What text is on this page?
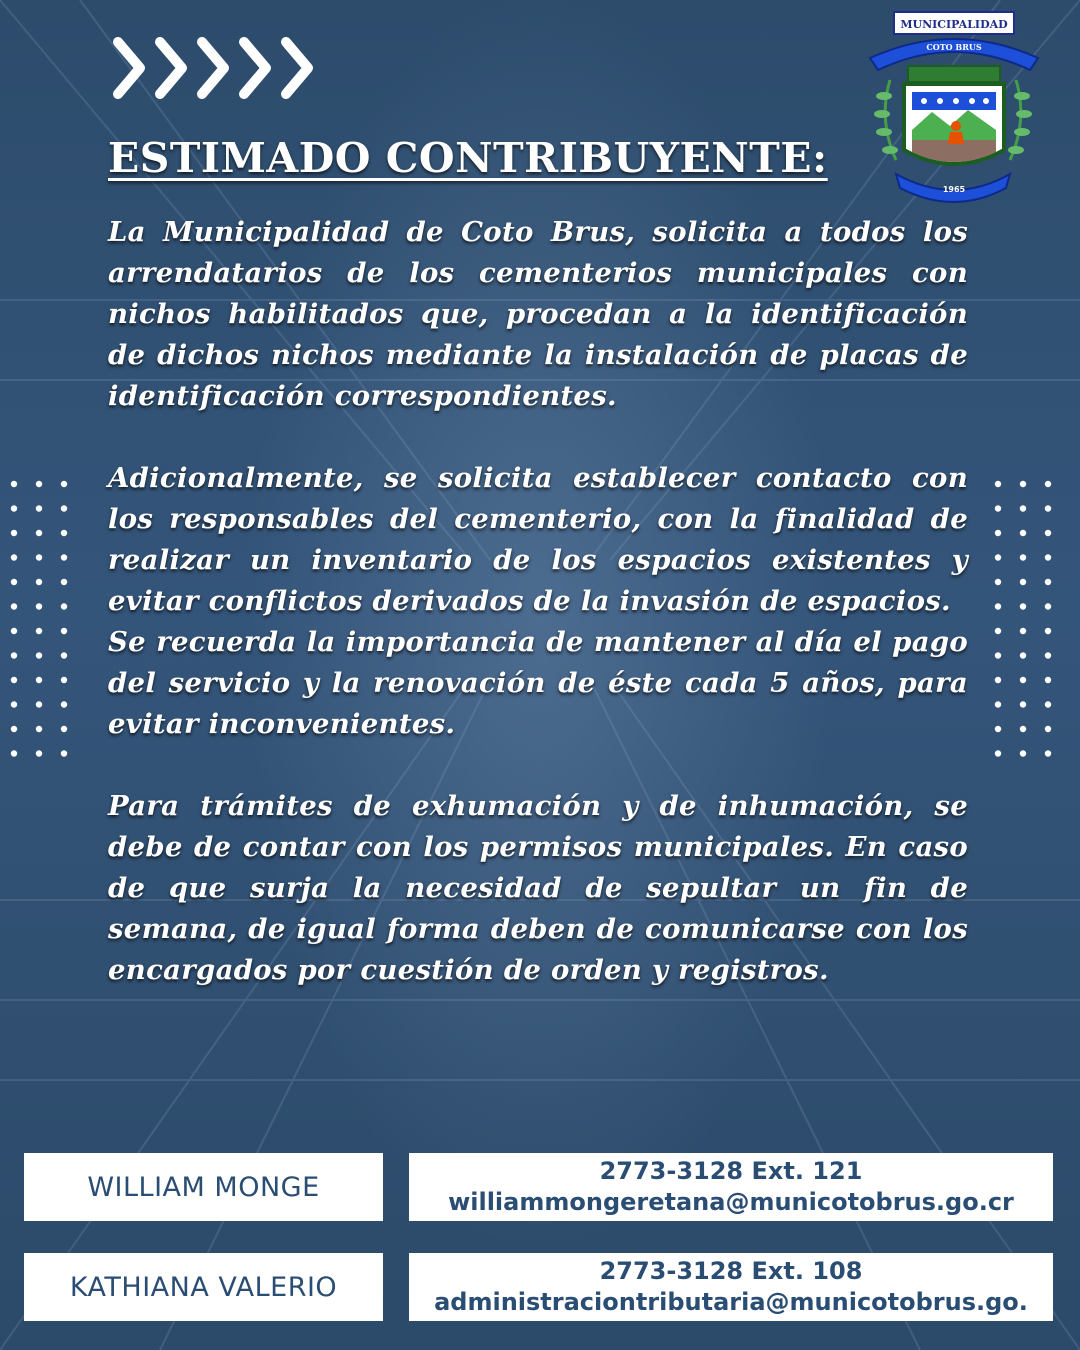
ESTIMADO CONTRIBUYENTE:
MUNICIPALIDAD
COTO BRUS
1965

La Municipalidad de Coto Brus, solicita a todos los arrendatarios de los cementerios municipales con nichos habilitados que, procedan a la identificación de dichos nichos mediante la instalación de placas de identificación correspondientes.

Adicionalmente, se solicita establecer contacto con los responsables del cementerio, con la finalidad de realizar un inventario de los espacios existentes y evitar conflictos derivados de la invasión de espacios.

Se recuerda la importancia de mantener al día el pago del servicio y la renovación de éste cada 5 años, para evitar inconvenientes.

Para trámites de exhumación y de inhumación, se debe de contar con los permisos municipales. En caso de que surja la necesidad de sepultar un fin de semana, de igual forma deben de comunicarse con los encargados por cuestión de orden y registros.

WILLIAM MONGE
2773-3128 Ext. 121
williammongeretana@municotobrus.go.cr
KATHIANA VALERIO
2773-3128 Ext. 108
administraciontributaria@municotobrus.go.
